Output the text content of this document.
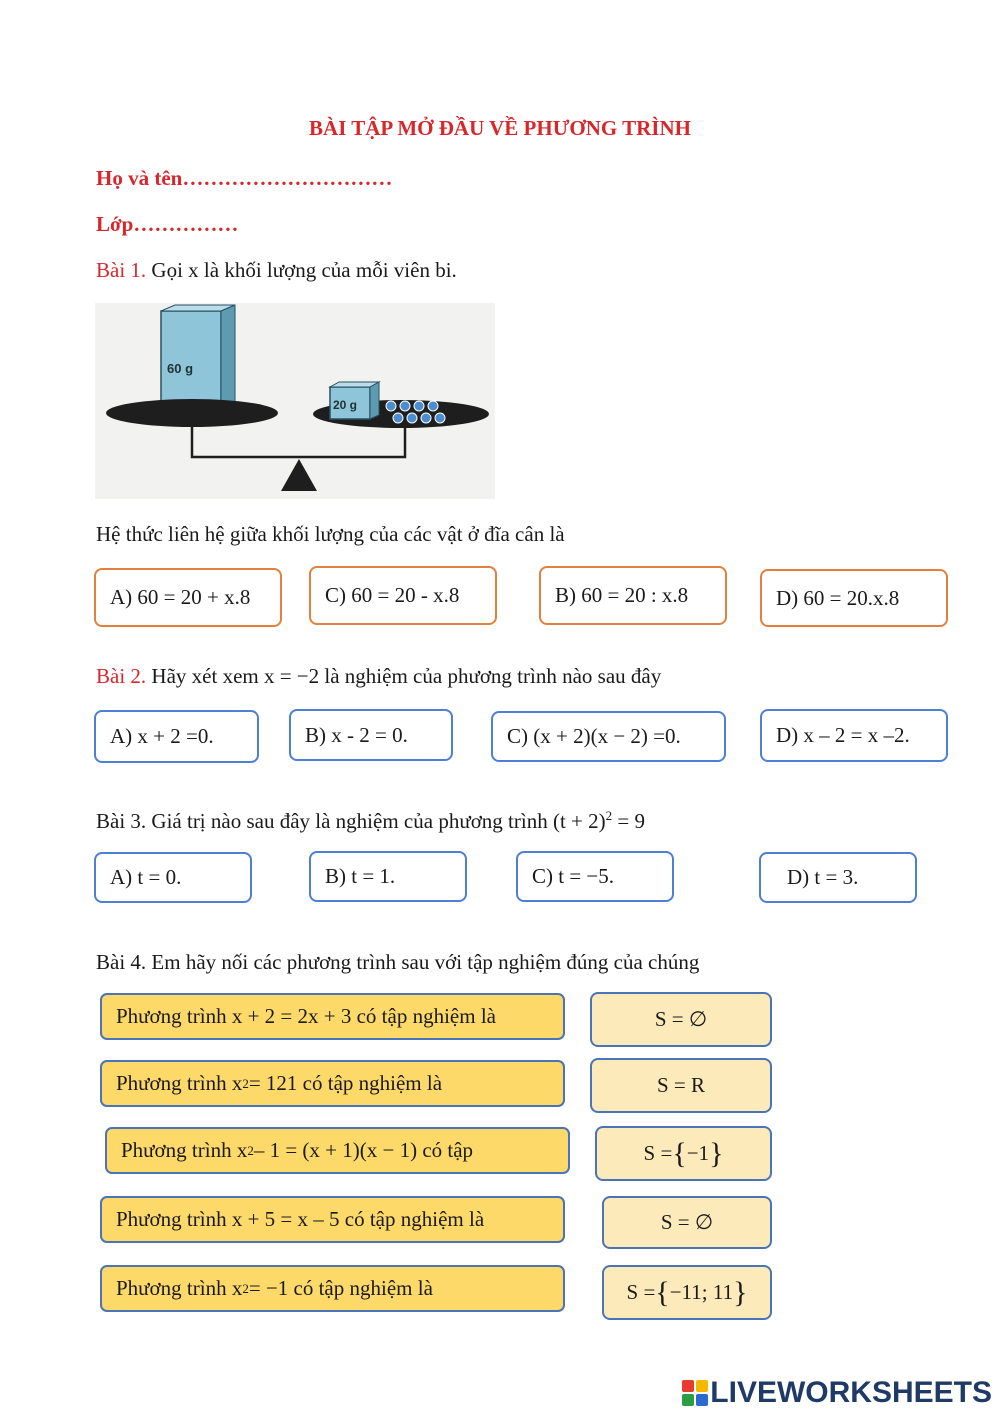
BÀI TẬP MỞ ĐẦU VỀ PHƯƠNG TRÌNH
Họ và tên…………………………
Lớp……………
Bài 1. Gọi x là khối lượng của mỗi viên bi.
60 g
20 g
Hệ thức liên hệ giữa khối lượng của các vật ở đĩa cân là
A) 60 = 20 + x.8	C) 60 = 20 - x.8	B) 60 = 20 : x.8	D) 60 = 20.x.8
Bài 2. Hãy xét xem x = −2 là nghiệm của phương trình nào sau đây
A) x + 2 =0.	B) x - 2 = 0.	C) (x + 2)(x − 2) =0.	D) x – 2 = x –2.
Bài 3. Giá trị nào sau đây là nghiệm của phương trình $(t + 2)^2 = 9$
A) t = 0.	B) t = 1.	C) t = −5.	D) t = 3.
Bài 4. Em hãy nối các phương trình sau với tập nghiệm đúng của chúng
Phương trình x + 2 = 2x + 3 có tập nghiệm là
Phương trình x 2 = 121 có tập nghiệm là
Phương trình x 2 – 1 = (x + 1)(x − 1) có tập
Phương trình x + 5 = x – 5 có tập nghiệm là
Phương trình x 2 = −1 có tập nghiệm là
S = ∅
S = R
S = { −1 }
S = ∅
S = { −11; 11 }
LIVEWORKSHEETS
